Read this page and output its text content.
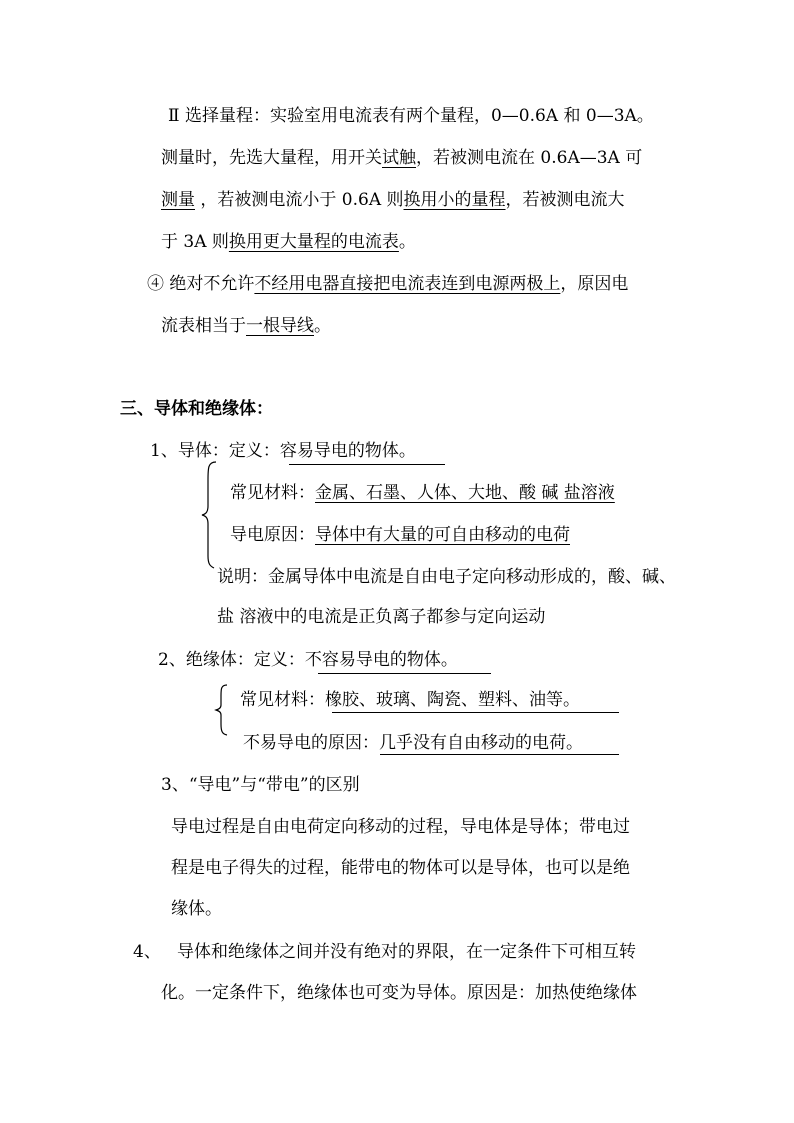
Ⅱ 选择量程：实验室用电流表有两个量程，0—0.6A 和 0—3A。
测量时，先选大量程，用开关试触，若被测电流在 0.6A—3A 可
测量 ，若被测电流小于 0.6A 则换用小的量程，若被测电流大
于 3A 则换用更大量程的电流表。
④ 绝对不允许不经用电器直接把电流表连到电源两极上，原因电
流表相当于一根导线。
三、导体和绝缘体：
1、导体：定义：容易导电的物体。
常见材料：金属、石墨、人体、大地、酸 碱 盐溶液
导电原因：导体中有大量的可自由移动的电荷
说明：金属导体中电流是自由电子定向移动形成的，酸、碱、
盐 溶液中的电流是正负离子都参与定向运动
2、绝缘体：定义：不容易导电的物体。
常见材料：橡胶、玻璃、陶瓷、塑料、油等。
不易导电的原因：几乎没有自由移动的电荷。
3、“导电”与“带电”的区别
导电过程是自由电荷定向移动的过程，导电体是导体；带电过
程是电子得失的过程，能带电的物体可以是导体，也可以是绝
缘体。
4、 导体和绝缘体之间并没有绝对的界限，在一定条件下可相互转
化。一定条件下，绝缘体也可变为导体。原因是：加热使绝缘体
